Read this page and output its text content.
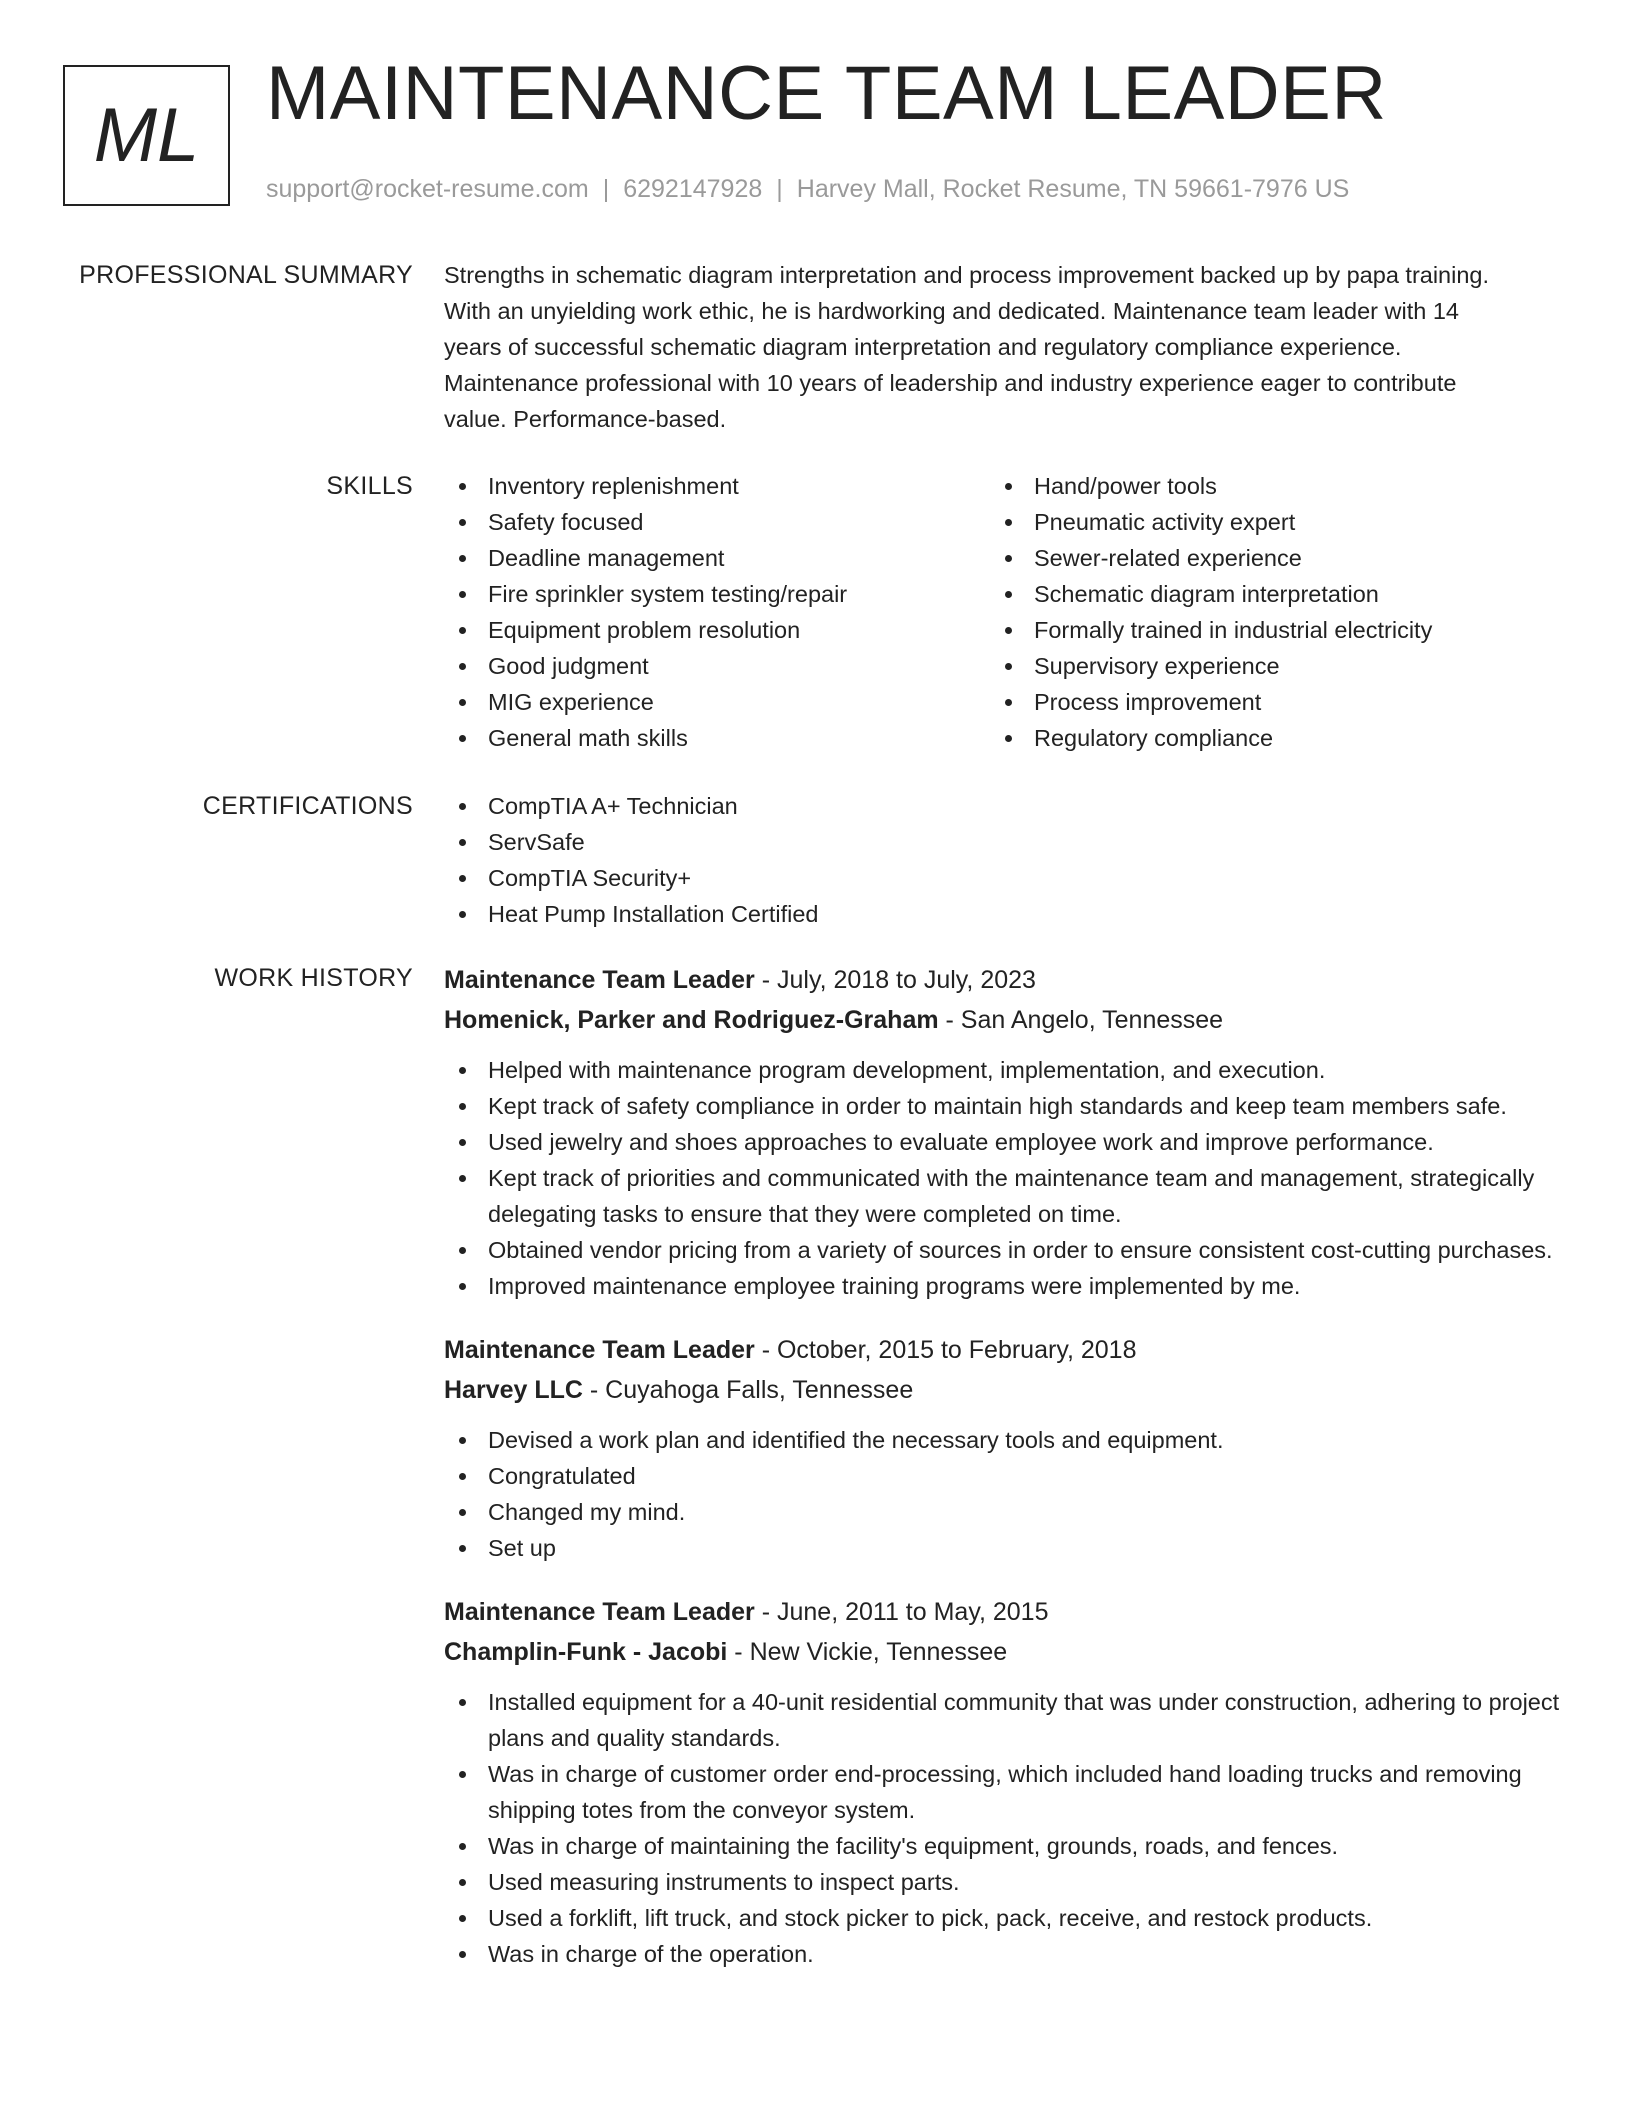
ML MAINTENANCE TEAM LEADER
support@rocket-resume.com | 6292147928 | Harvey Mall, Rocket Resume, TN 59661-7976 US
PROFESSIONAL SUMMARY Strengths in schematic diagram interpretation and process improvement backed up by papa training.
With an unyielding work ethic, he is hardworking and dedicated. Maintenance team leader with 14
years of successful schematic diagram interpretation and regulatory compliance experience.
Maintenance professional with 10 years of leadership and industry experience eager to contribute
value. Performance-based.
SKILLS	Inventory replenishment
Safety focused
Deadline management
Fire sprinkler system testing/repair
Equipment problem resolution
Good judgment
MIG experience
General math skills
Hand/power tools
Pneumatic activity expert
Sewer-related experience
Schematic diagram interpretation
Formally trained in industrial electricity
Supervisory experience
Process improvement
Regulatory compliance
CERTIFICATIONS	CompTIA A+ Technician
ServSafe
CompTIA Security+
Heat Pump Installation Certified
WORK HISTORY Maintenance Team Leader - July, 2018 to July, 2023
Homenick, Parker and Rodriguez-Graham - San Angelo, Tennessee
Helped with maintenance program development, implementation, and execution.
Kept track of safety compliance in order to maintain high standards and keep team members safe.
Used jewelry and shoes approaches to evaluate employee work and improve performance.
Kept track of priorities and communicated with the maintenance team and management, strategically delegating tasks to ensure that they were completed on time.
Obtained vendor pricing from a variety of sources in order to ensure consistent cost-cutting purchases.
Improved maintenance employee training programs were implemented by me.
Maintenance Team Leader - October, 2015 to February, 2018
Harvey LLC - Cuyahoga Falls, Tennessee
Devised a work plan and identified the necessary tools and equipment.
Congratulated
Changed my mind.
Set up
Maintenance Team Leader - June, 2011 to May, 2015
Champlin-Funk - Jacobi - New Vickie, Tennessee
Installed equipment for a 40-unit residential community that was under construction, adhering to project plans and quality standards.
Was in charge of customer order end-processing, which included hand loading trucks and removing shipping totes from the conveyor system.
Was in charge of maintaining the facility's equipment, grounds, roads, and fences.
Used measuring instruments to inspect parts.
Used a forklift, lift truck, and stock picker to pick, pack, receive, and restock products.
Was in charge of the operation.
